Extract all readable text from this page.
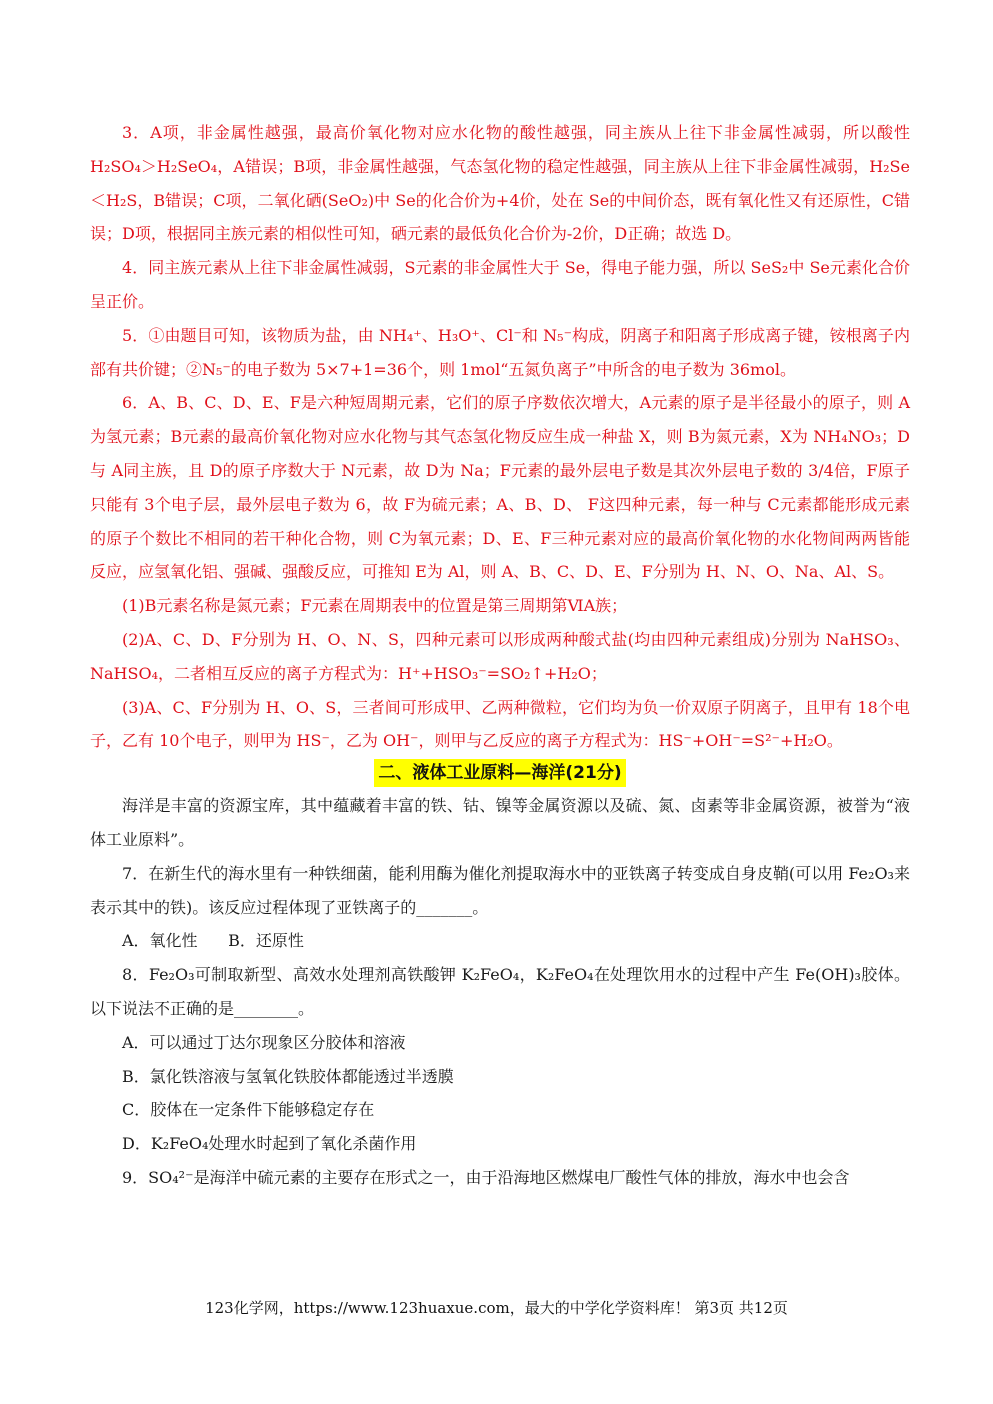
3．A项，非金属性越强，最高价氧化物对应水化物的酸性越强，同主族从上往下非金属性减弱，所以酸性 H₂SO₄＞H₂SeO₄，A错误；B项，非金属性越强，气态氢化物的稳定性越强，同主族从上往下非金属性减弱，H₂Se＜H₂S，B错误；C项，二氧化硒(SeO₂)中 Se的化合价为+4价，处在 Se的中间价态，既有氧化性又有还原性，C错误；D项，根据同主族元素的相似性可知，硒元素的最低负化合价为-2价，D正确；故选 D。

4．同主族元素从上往下非金属性减弱，S元素的非金属性大于 Se，得电子能力强，所以 SeS₂中 Se元素化合价呈正价。

5．①由题目可知，该物质为盐，由 NH₄⁺、H₃O⁺、Cl⁻和 N₅⁻构成，阴离子和阳离子形成离子键，铵根离子内部有共价键；②N₅⁻的电子数为 5×7+1=36个，则 1mol“五氮负离子”中所含的电子数为 36mol。

6．A、B、C、D、E、F是六种短周期元素，它们的原子序数依次增大，A元素的原子是半径最小的原子，则 A为氢元素；B元素的最高价氧化物对应水化物与其气态氢化物反应生成一种盐 X，则 B为氮元素，X为 NH₄NO₃；D与 A同主族，且 D的原子序数大于 N元素，故 D为 Na；F元素的最外层电子数是其次外层电子数的 3/4倍，F原子只能有 3个电子层，最外层电子数为 6，故 F为硫元素；A、B、D、 F这四种元素，每一种与 C元素都能形成元素的原子个数比不相同的若干种化合物，则 C为氧元素；D、E、F三种元素对应的最高价氧化物的水化物间两两皆能反应，应氢氧化铝、强碱、强酸反应，可推知 E为 Al，则 A、B、C、D、E、F分别为 H、N、O、Na、Al、S。

(1)B元素名称是氮元素；F元素在周期表中的位置是第三周期第ⅥA族；

(2)A、C、D、F分别为 H、O、N、S，四种元素可以形成两种酸式盐(均由四种元素组成)分别为 NaHSO₃、NaHSO₄，二者相互反应的离子方程式为：H⁺+HSO₃⁻=SO₂↑+H₂O；

(3)A、C、F分别为 H、O、S，三者间可形成甲、乙两种微粒，它们均为负一价双原子阴离子，且甲有 18个电子，乙有 10个电子，则甲为 HS⁻，乙为 OH⁻，则甲与乙反应的离子方程式为：HS⁻+OH⁻=S²⁻+H₂O。

二、液体工业原料—海洋(21分)

海洋是丰富的资源宝库，其中蕴藏着丰富的铁、钴、镍等金属资源以及硫、氮、卤素等非金属资源，被誉为“液体工业原料”。

7．在新生代的海水里有一种铁细菌，能利用酶为催化剂提取海水中的亚铁离子转变成自身皮鞘(可以用 Fe₂O₃来表示其中的铁)。该反应过程体现了亚铁离子的_______。

A．氧化性      B．还原性

8．Fe₂O₃可制取新型、高效水处理剂高铁酸钾 K₂FeO₄，K₂FeO₄在处理饮用水的过程中产生 Fe(OH)₃胶体。以下说法不正确的是________。

A．可以通过丁达尔现象区分胶体和溶液

B．氯化铁溶液与氢氧化铁胶体都能透过半透膜

C．胶体在一定条件下能够稳定存在

D．K₂FeO₄处理水时起到了氧化杀菌作用

9．SO₄²⁻是海洋中硫元素的主要存在形式之一，由于沿海地区燃煤电厂酸性气体的排放，海水中也会含

123化学网，https://www.123huaxue.com，最大的中学化学资料库！ 第3页 共12页
